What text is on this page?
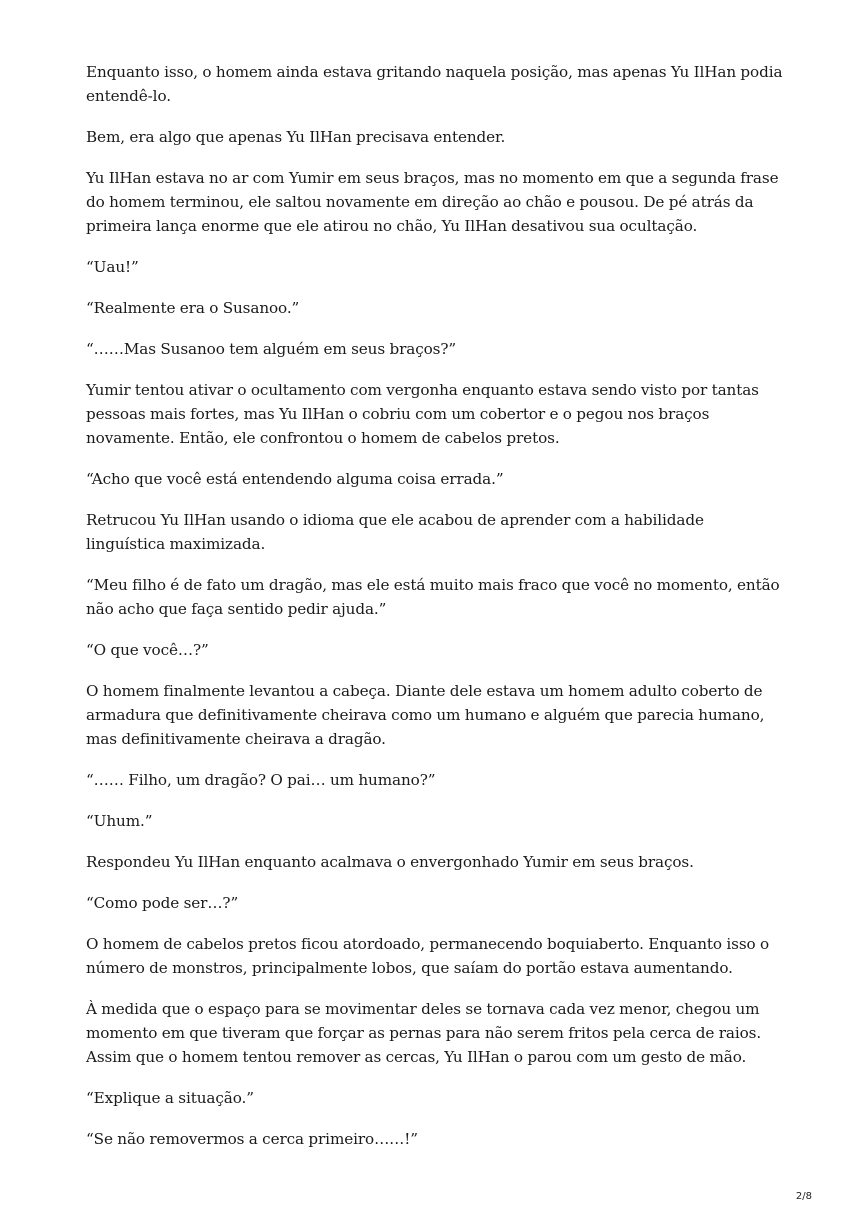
Enquanto isso, o homem ainda estava gritando naquela posição, mas apenas Yu IlHan podia entendê-lo.

Bem, era algo que apenas Yu IlHan precisava entender.

Yu IlHan estava no ar com Yumir em seus braços, mas no momento em que a segunda frase do homem terminou, ele saltou novamente em direção ao chão e pousou. De pé atrás da primeira lança enorme que ele atirou no chão, Yu IlHan desativou sua ocultação.

“Uau!”

“Realmente era o Susanoo.”

“……Mas Susanoo tem alguém em seus braços?”

Yumir tentou ativar o ocultamento com vergonha enquanto estava sendo visto por tantas pessoas mais fortes, mas Yu IlHan o cobriu com um cobertor e o pegou nos braços novamente. Então, ele confrontou o homem de cabelos pretos.

“Acho que você está entendendo alguma coisa errada.”

Retrucou Yu IlHan usando o idioma que ele acabou de aprender com a habilidade linguística maximizada.

“Meu filho é de fato um dragão, mas ele está muito mais fraco que você no momento, então não acho que faça sentido pedir ajuda.”

“O que você…?”

O homem finalmente levantou a cabeça. Diante dele estava um homem adulto coberto de armadura que definitivamente cheirava como um humano e alguém que parecia humano, mas definitivamente cheirava a dragão.

“…… Filho, um dragão? O pai… um humano?”

“Uhum.”

Respondeu Yu IlHan enquanto acalmava o envergonhado Yumir em seus braços.

“Como pode ser…?”

O homem de cabelos pretos ficou atordoado, permanecendo boquiaberto. Enquanto isso o número de monstros, principalmente lobos, que saíam do portão estava aumentando.

À medida que o espaço para se movimentar deles se tornava cada vez menor, chegou um momento em que tiveram que forçar as pernas para não serem fritos pela cerca de raios. Assim que o homem tentou remover as cercas, Yu IlHan o parou com um gesto de mão.

“Explique a situação.”

“Se não removermos a cerca primeiro……!”

2/8
